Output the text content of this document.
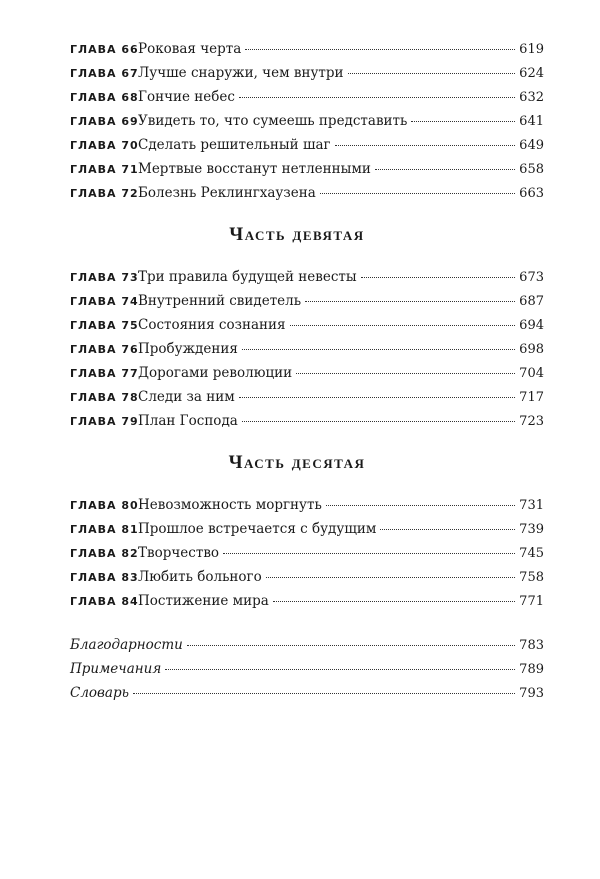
ГЛАВА 66 Роковая черта	619
ГЛАВА 67 Лучше снаружи, чем внутри	624
ГЛАВА 68 Гончие небес	632
ГЛАВА 69 Увидеть то, что сумеешь представить	641
ГЛАВА 70 Сделать решительный шаг	649
ГЛАВА 71 Мертвые восстанут нетленными	658
ГЛАВА 72 Болезнь Реклингхаузена	663
Часть девятая
ГЛАВА 73 Три правила будущей невесты	673
ГЛАВА 74 Внутренний свидетель	687
ГЛАВА 75 Состояния сознания	694
ГЛАВА 76 Пробуждения	698
ГЛАВА 77 Дорогами революции	704
ГЛАВА 78 Следи за ним	717
ГЛАВА 79 План Господа	723
Часть десятая
ГЛАВА 80 Невозможность моргнуть	731
ГЛАВА 81 Прошлое встречается с будущим	739
ГЛАВА 82 Творчество	745
ГЛАВА 83 Любить больного	758
ГЛАВА 84 Постижение мира	771
Благодарности	783
Примечания	789
Словарь	793
